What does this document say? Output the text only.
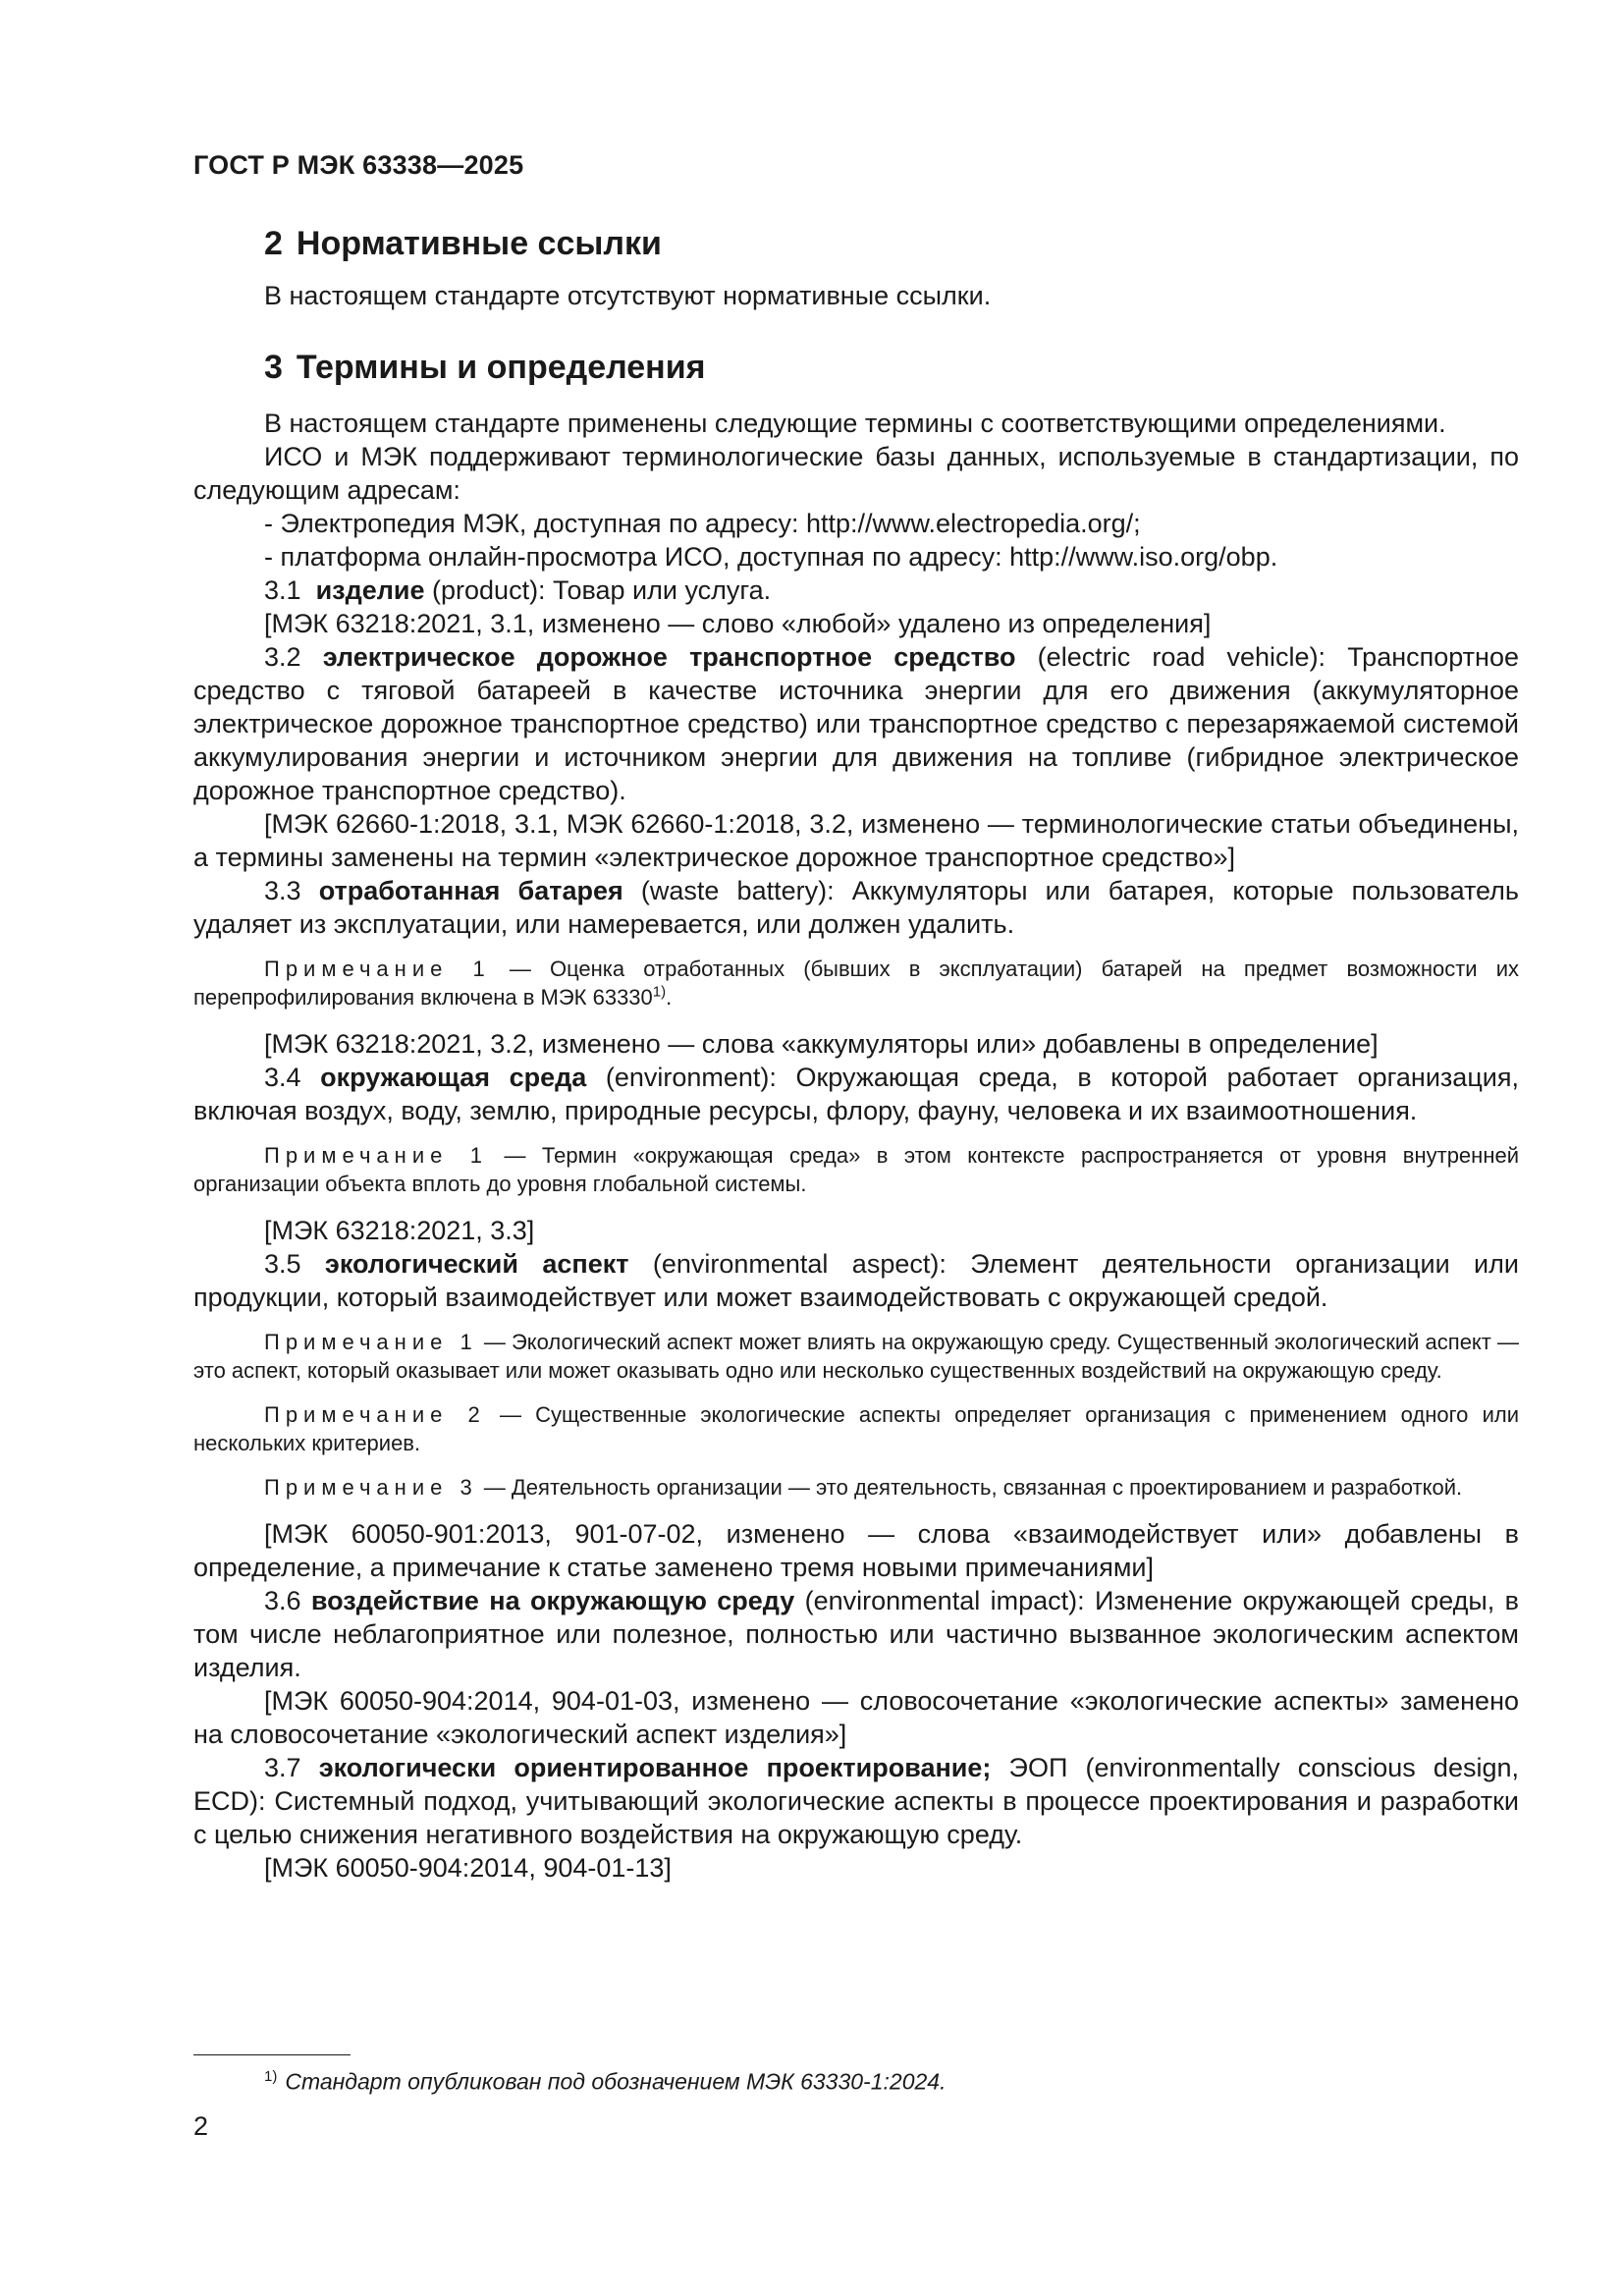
ГОСТ Р МЭК 63338—2025
2 Нормативные ссылки

В настоящем стандарте отсутствуют нормативные ссылки.

3 Термины и определения

В настоящем стандарте применены следующие термины с соответствующими определениями.

ИСО и МЭК поддерживают терминологические базы данных, используемые в стандартизации, по следующим адресам:

- Электропедия МЭК, доступная по адресу: http://www.electropedia.org/;

- платформа онлайн-просмотра ИСО, доступная по адресу: http://www.iso.org/obp.

3.1 изделие (product): Товар или услуга.

[МЭК 63218:2021, 3.1, изменено — слово «любой» удалено из определения]

3.2 электрическое дорожное транспортное средство (electric road vehicle): Транспортное средство с тяговой батареей в качестве источника энергии для его движения (аккумуляторное электрическое дорожное транспортное средство) или транспортное средство с перезаряжаемой системой аккумулирования энергии и источником энергии для движения на топливе (гибридное электрическое дорожное транспортное средство).

[МЭК 62660-1:2018, 3.1, МЭК 62660-1:2018, 3.2, изменено — терминологические статьи объединены, а термины заменены на термин «электрическое дорожное транспортное средство»]

3.3 отработанная батарея (waste battery): Аккумуляторы или батарея, которые пользователь удаляет из эксплуатации, или намеревается, или должен удалить.

Примечание 1 — Оценка отработанных (бывших в эксплуатации) батарей на предмет возможности их перепрофилирования включена в МЭК 63330$^{1)}$.

[МЭК 63218:2021, 3.2, изменено — слова «аккумуляторы или» добавлены в определение]

3.4 окружающая среда (environment): Окружающая среда, в которой работает организация, включая воздух, воду, землю, природные ресурсы, флору, фауну, человека и их взаимоотношения.

Примечание 1 — Термин «окружающая среда» в этом контексте распространяется от уровня внутренней организации объекта вплоть до уровня глобальной системы.

[МЭК 63218:2021, 3.3]

3.5 экологический аспект (environmental aspect): Элемент деятельности организации или продукции, который взаимодействует или может взаимодействовать с окружающей средой.

Примечание 1 — Экологический аспект может влиять на окружающую среду. Существенный экологический аспект — это аспект, который оказывает или может оказывать одно или несколько существенных воздействий на окружающую среду.

Примечание 2 — Существенные экологические аспекты определяет организация с применением одного или нескольких критериев.

Примечание 3 — Деятельность организации — это деятельность, связанная с проектированием и разработкой.

[МЭК 60050-901:2013, 901-07-02, изменено — слова «взаимодействует или» добавлены в определение, а примечание к статье заменено тремя новыми примечаниями]

3.6 воздействие на окружающую среду (environmental impact): Изменение окружающей среды, в том числе неблагоприятное или полезное, полностью или частично вызванное экологическим аспектом изделия.

[МЭК 60050-904:2014, 904-01-03, изменено — словосочетание «экологические аспекты» заменено на словосочетание «экологический аспект изделия»]

3.7 экологически ориентированное проектирование; ЭОП (environmentally conscious design, ECD): Системный подход, учитывающий экологические аспекты в процессе проектирования и разработки с целью снижения негативного воздействия на окружающую среду.

[МЭК 60050-904:2014, 904-01-13]

$^{1)}$ Стандарт опубликован под обозначением МЭК 63330-1:2024.
2
